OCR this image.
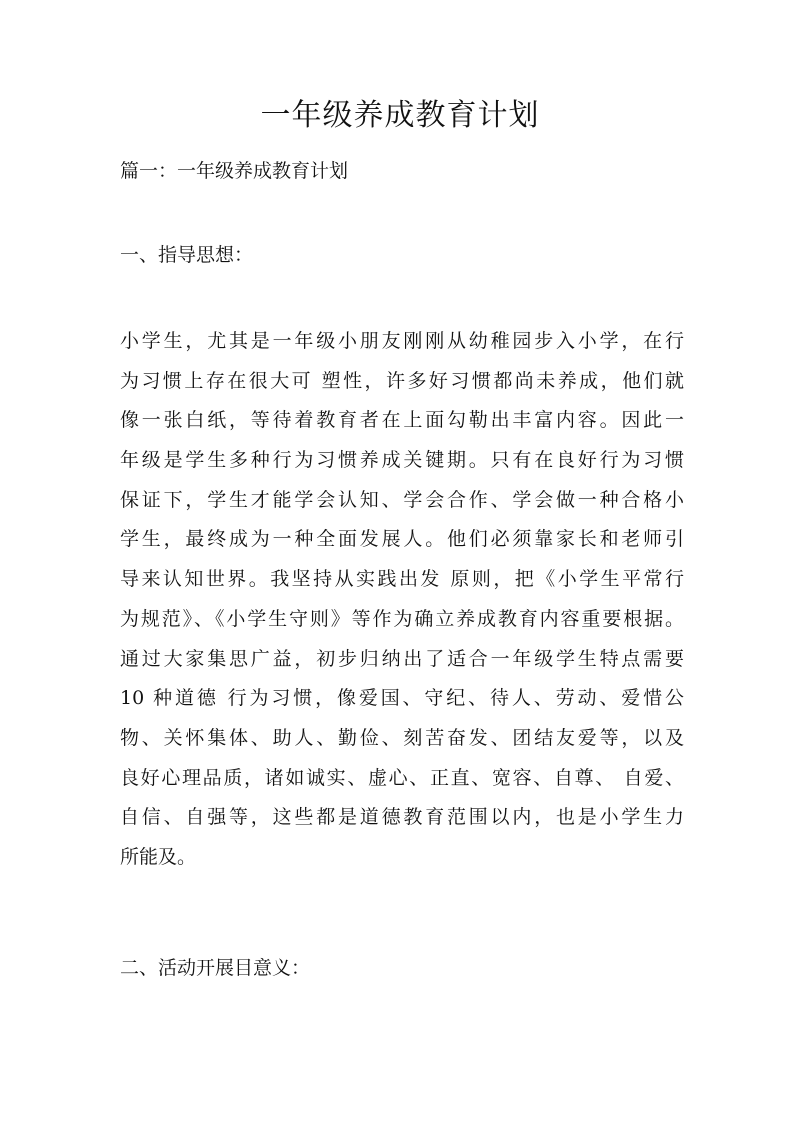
一年级养成教育计划

篇一：一年级养成教育计划

一、指导思想：
小学生，尤其是一年级小朋友刚刚从幼稚园步入小学，在行
为习惯上存在很大可 塑性，许多好习惯都尚未养成，他们就
像一张白纸，等待着教育者在上面勾勒出丰富内容。因此一
年级是学生多种行为习惯养成关键期。只有在良好行为习惯
保证下，学生才能学会认知、学会合作、学会做一种合格小
学生，最终成为一种全面发展人。他们必须靠家长和老师引
导来认知世界。我坚持从实践出发 原则，把《小学生平常行
为规范》、《小学生守则》等作为确立养成教育内容重要根据。
通过大家集思广益，初步归纳出了适合一年级学生特点需要
10 种道德 行为习惯，像爱国、守纪、待人、劳动、爱惜公
物、关怀集体、助人、勤俭、刻苦奋发、团结友爱等，以及
良好心理品质，诸如诚实、虚心、正直、宽容、自尊、 自爱、
自信、自强等，这些都是道德教育范围以内，也是小学生力
所能及。
二、活动开展目意义：
